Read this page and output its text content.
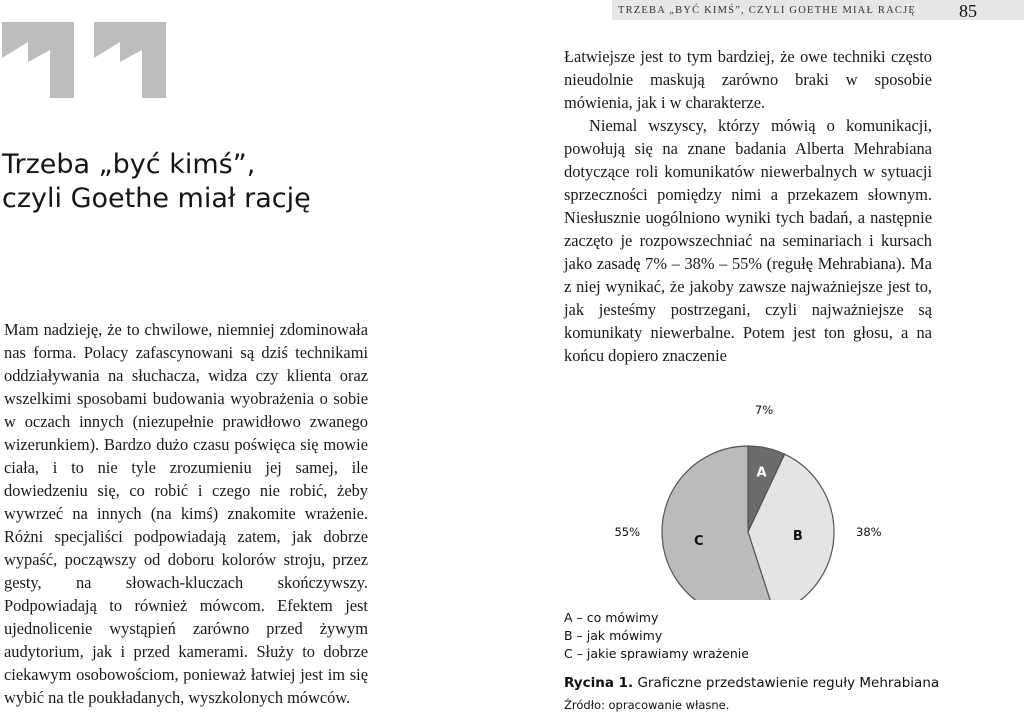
TRZEBA „BYĆ KIMŚ”, CZYLI GOETHE MIAŁ RACJĘ	85
Trzeba „być kimś”,
czyli Goethe miał rację
Mam nadzieję, że to chwilowe, niemniej zdominowała nas forma. Polacy zafascynowani są dziś technikami oddziaływania na słuchacza, widza czy klienta oraz wszelkimi sposobami budowania wyobrażenia o sobie w oczach innych (niezupełnie prawidłowo zwanego wizerunkiem). Bardzo dużo czasu poświęca się mowie ciała, i to nie tyle zrozumieniu jej samej, ile dowiedzeniu się, co robić i czego nie robić, żeby wywrzeć na innych (na kimś) znakomite wrażenie. Różni specjaliści podpowiadają zatem, jak dobrze wypaść, począwszy od doboru kolorów stroju, przez gesty, na słowach-kluczach skończywszy. Podpowiadają to również mówcom. Efektem jest ujednolicenie wystąpień zarówno przed żywym audytorium, jak i przed kamerami. Służy to dobrze ciekawym osobowościom, ponieważ łatwiej jest im się wybić na tle poukładanych, wyszkolonych mówców.

Łatwiejsze jest to tym bardziej, że owe techniki często nieudolnie maskują zarówno braki w sposobie mówienia, jak i w charakterze.

Niemal wszyscy, którzy mówią o komunikacji, powołują się na znane badania Alberta Mehrabiana dotyczące roli komunikatów niewerbalnych w sytuacji sprzeczności pomiędzy nimi a przekazem słownym. Niesłusznie uogólniono wyniki tych badań, a następnie zaczęto je rozpowszechniać na seminariach i kursach jako zasadę 7% – 38% – 55% (regułę Mehrabiana). Ma z niej wynikać, że jakoby zawsze najważniejsze jest to, jak jesteśmy postrzegani, czyli najważniejsze są komunikaty niewerbalne. Potem jest ton głosu, a na końcu dopiero znaczenie

A
7%
B	38%
C
55%
A – co mówimy
B – jak mówimy
C – jakie sprawiamy wrażenie
Rycina 1. Graficzne przedstawienie reguły Mehrabiana
Źródło: opracowanie własne.
